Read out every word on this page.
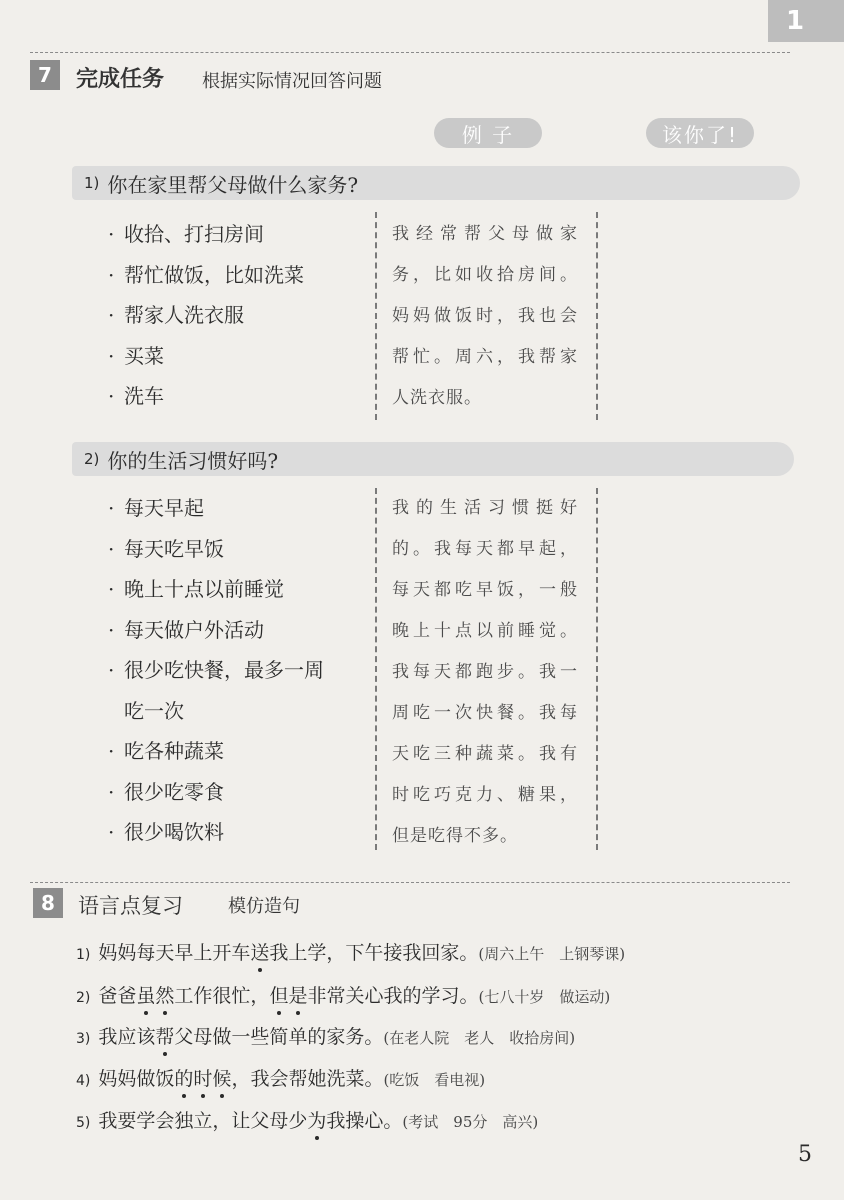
1
7	完成任务 根据实际情况回答问题
例 子	该你了!
1) 你在家里帮父母做什么家务?
· 收拾、打扫房间
· 帮忙做饭，比如洗菜
· 帮家人洗衣服
· 买菜
· 洗车
我经常帮父母做家
务，比如收拾房间。
妈妈做饭时，我也会
帮忙。周六，我帮家
人洗衣服。
2) 你的生活习惯好吗?
· 每天早起
· 每天吃早饭
· 晚上十点以前睡觉
· 每天做户外活动
· 很少吃快餐，最多一周
吃一次
· 吃各种蔬菜
· 很少吃零食
· 很少喝饮料
我的生活习惯挺好
的。我每天都早起，
每天都吃早饭，一般
晚上十点以前睡觉。
我每天都跑步。我一
周吃一次快餐。我每
天吃三种蔬菜。我有
时吃巧克力、糖果，
但是吃得不多。
8	语言点复习	模仿造句
1) 妈妈每天早上开车送我上学，下午接我回家。(周六上午　上钢琴课)
2) 爸爸虽然工作很忙，但是非常关心我的学习。(七八十岁　做运动)
3) 我应该帮父母做一些简单的家务。(在老人院　老人　收拾房间)
4) 妈妈做饭的时候，我会帮她洗菜。(吃饭　看电视)
5) 我要学会独立，让父母少为我操心。(考试　95分　高兴)
5
